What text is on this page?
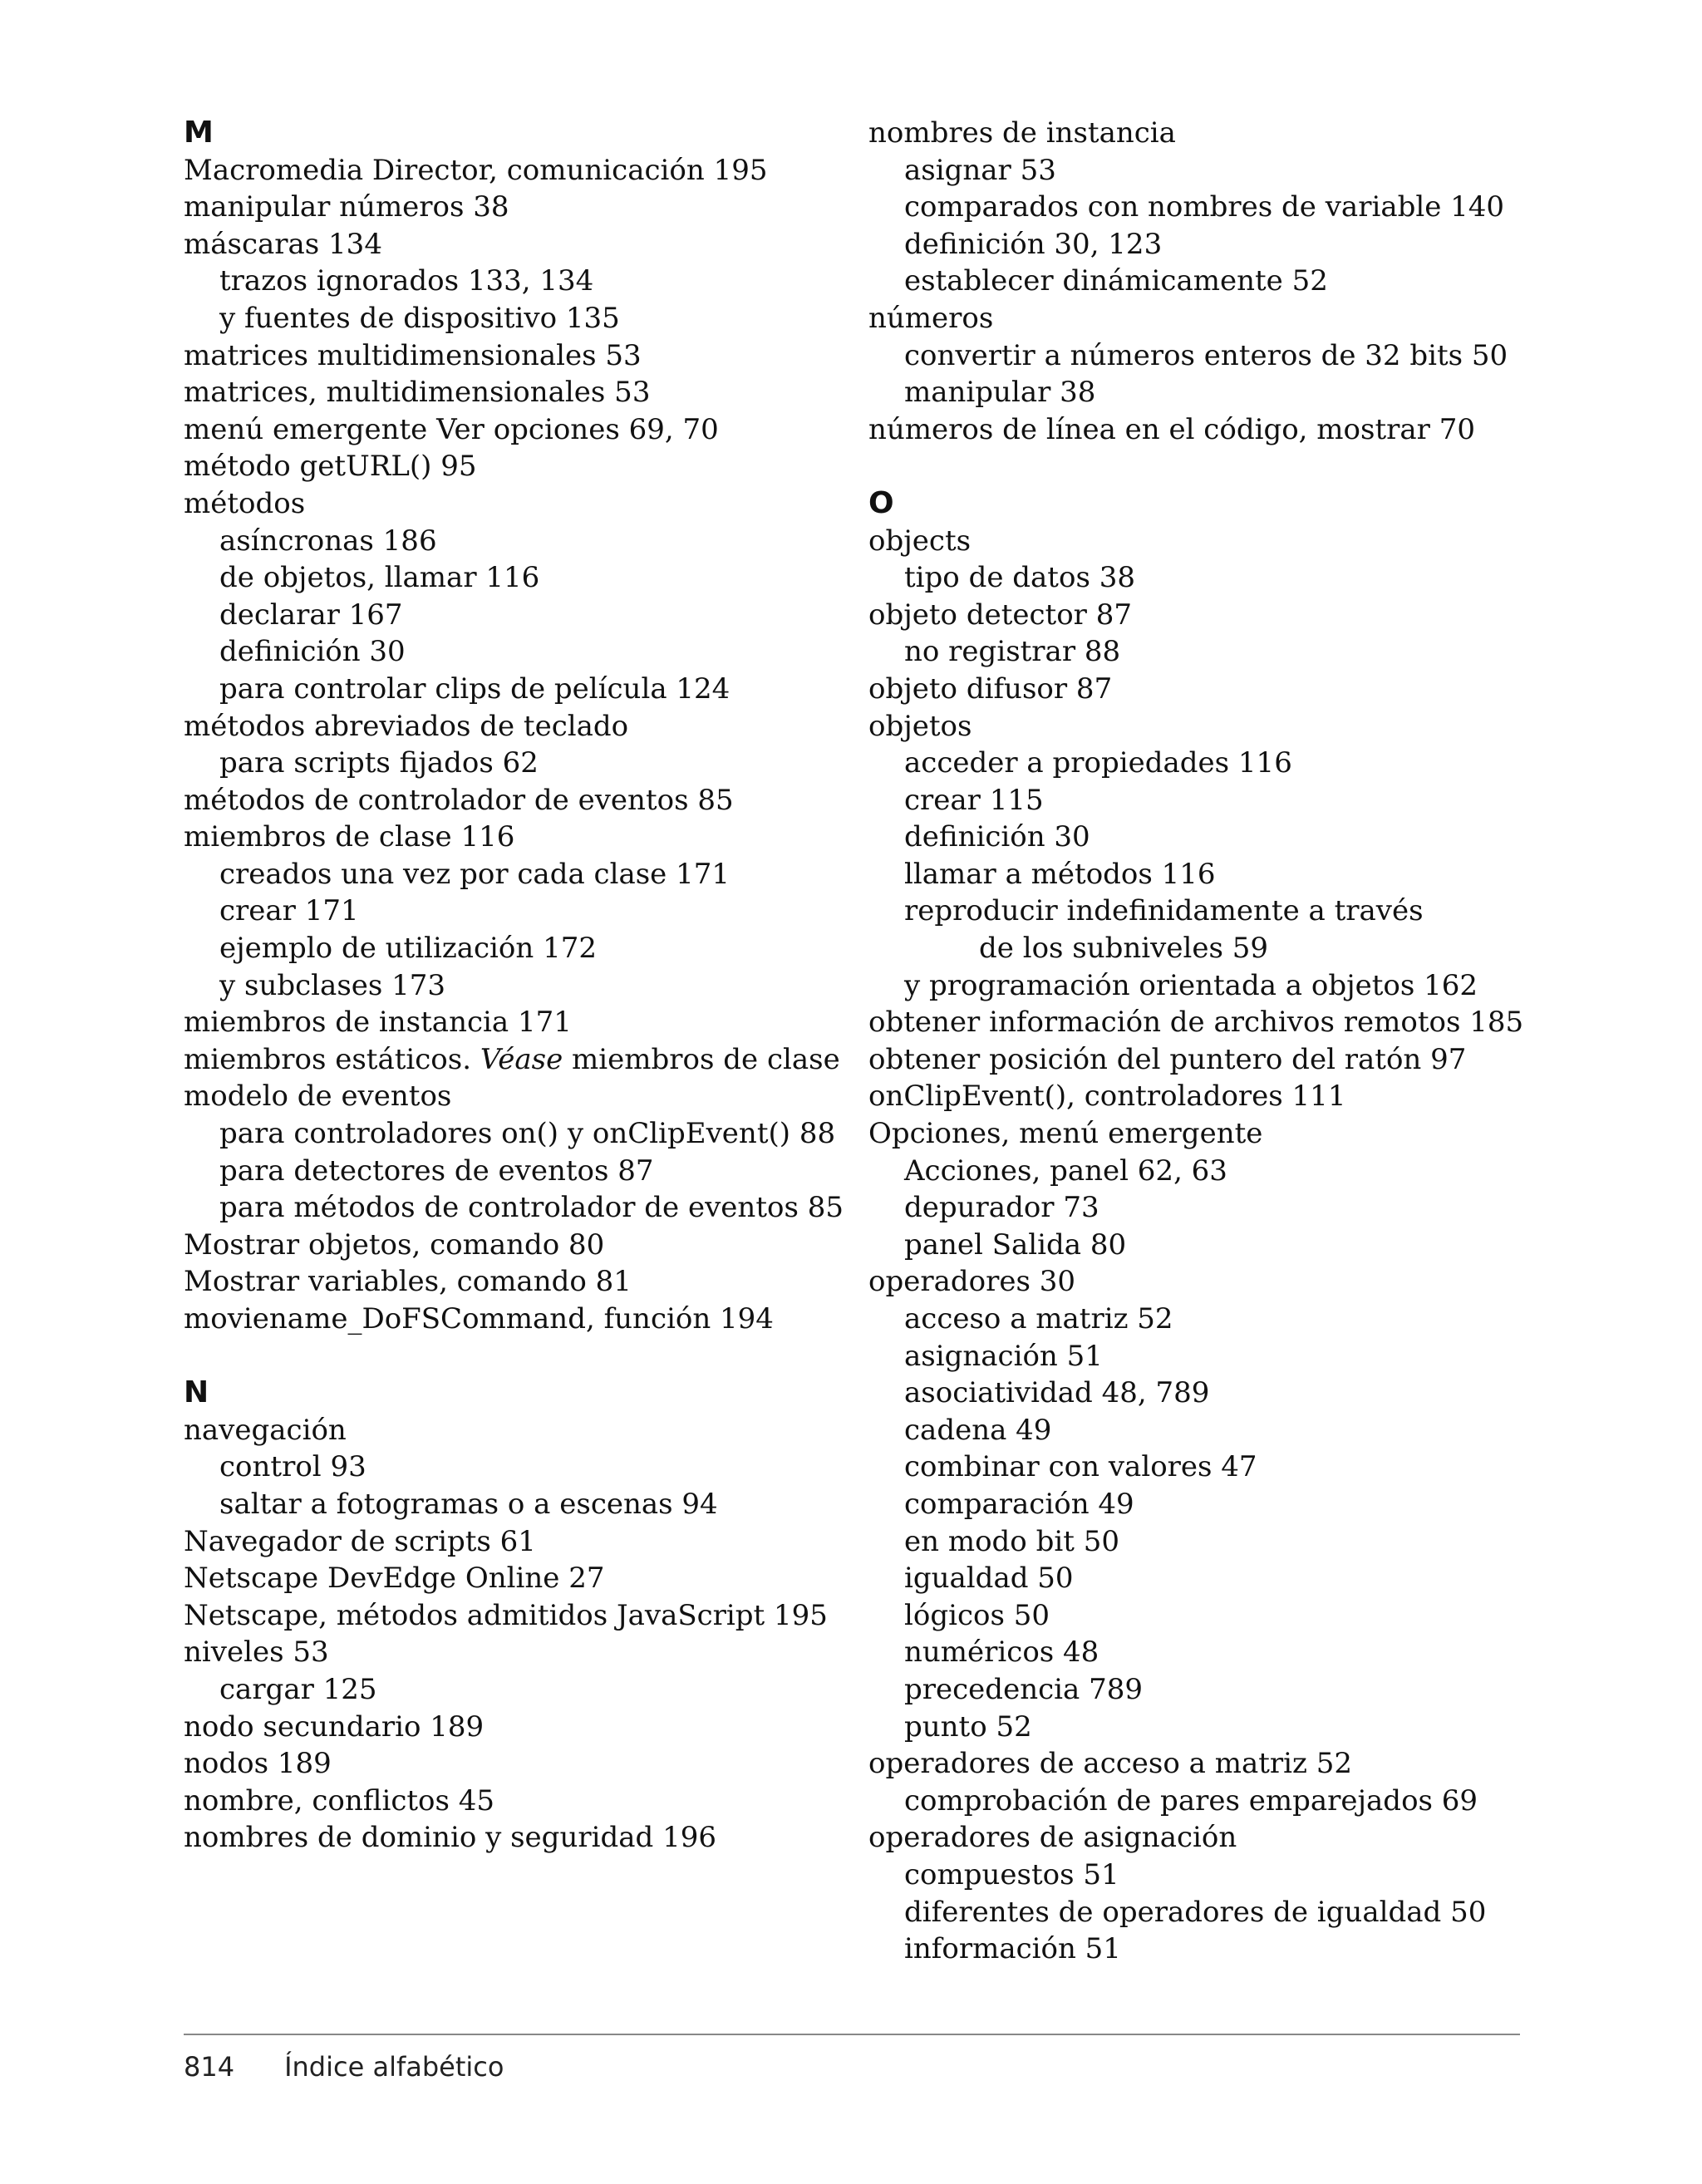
M
Macromedia Director, comunicación 195
manipular números 38
máscaras 134
trazos ignorados 133, 134
y fuentes de dispositivo 135
matrices multidimensionales 53
matrices, multidimensionales 53
menú emergente Ver opciones 69, 70
método getURL() 95
métodos
asíncronas 186
de objetos, llamar 116
declarar 167
definición 30
para controlar clips de película 124
métodos abreviados de teclado
para scripts fijados 62
métodos de controlador de eventos 85
miembros de clase 116
creados una vez por cada clase 171
crear 171
ejemplo de utilización 172
y subclases 173
miembros de instancia 171
miembros estáticos. Véase miembros de clase
modelo de eventos
para controladores on() y onClipEvent() 88
para detectores de eventos 87
para métodos de controlador de eventos 85
Mostrar objetos, comando 80
Mostrar variables, comando 81
moviename_DoFSCommand, función 194
N
navegación
control 93
saltar a fotogramas o a escenas 94
Navegador de scripts 61
Netscape DevEdge Online 27
Netscape, métodos admitidos JavaScript 195
niveles 53
cargar 125
nodo secundario 189
nodos 189
nombre, conflictos 45
nombres de dominio y seguridad 196
nombres de instancia
asignar 53
comparados con nombres de variable 140
definición 30, 123
establecer dinámicamente 52
números
convertir a números enteros de 32 bits 50
manipular 38
números de línea en el código, mostrar 70
O
objects
tipo de datos 38
objeto detector 87
no registrar 88
objeto difusor 87
objetos
acceder a propiedades 116
crear 115
definición 30
llamar a métodos 116
reproducir indefinidamente a través
de los subniveles 59
y programación orientada a objetos 162
obtener información de archivos remotos 185
obtener posición del puntero del ratón 97
onClipEvent(), controladores 111
Opciones, menú emergente
Acciones, panel 62, 63
depurador 73
panel Salida 80
operadores 30
acceso a matriz 52
asignación 51
asociatividad 48, 789
cadena 49
combinar con valores 47
comparación 49
en modo bit 50
igualdad 50
lógicos 50
numéricos 48
precedencia 789
punto 52
operadores de acceso a matriz 52
comprobación de pares emparejados 69
operadores de asignación
compuestos 51
diferentes de operadores de igualdad 50
información 51
814 Índice alfabético
